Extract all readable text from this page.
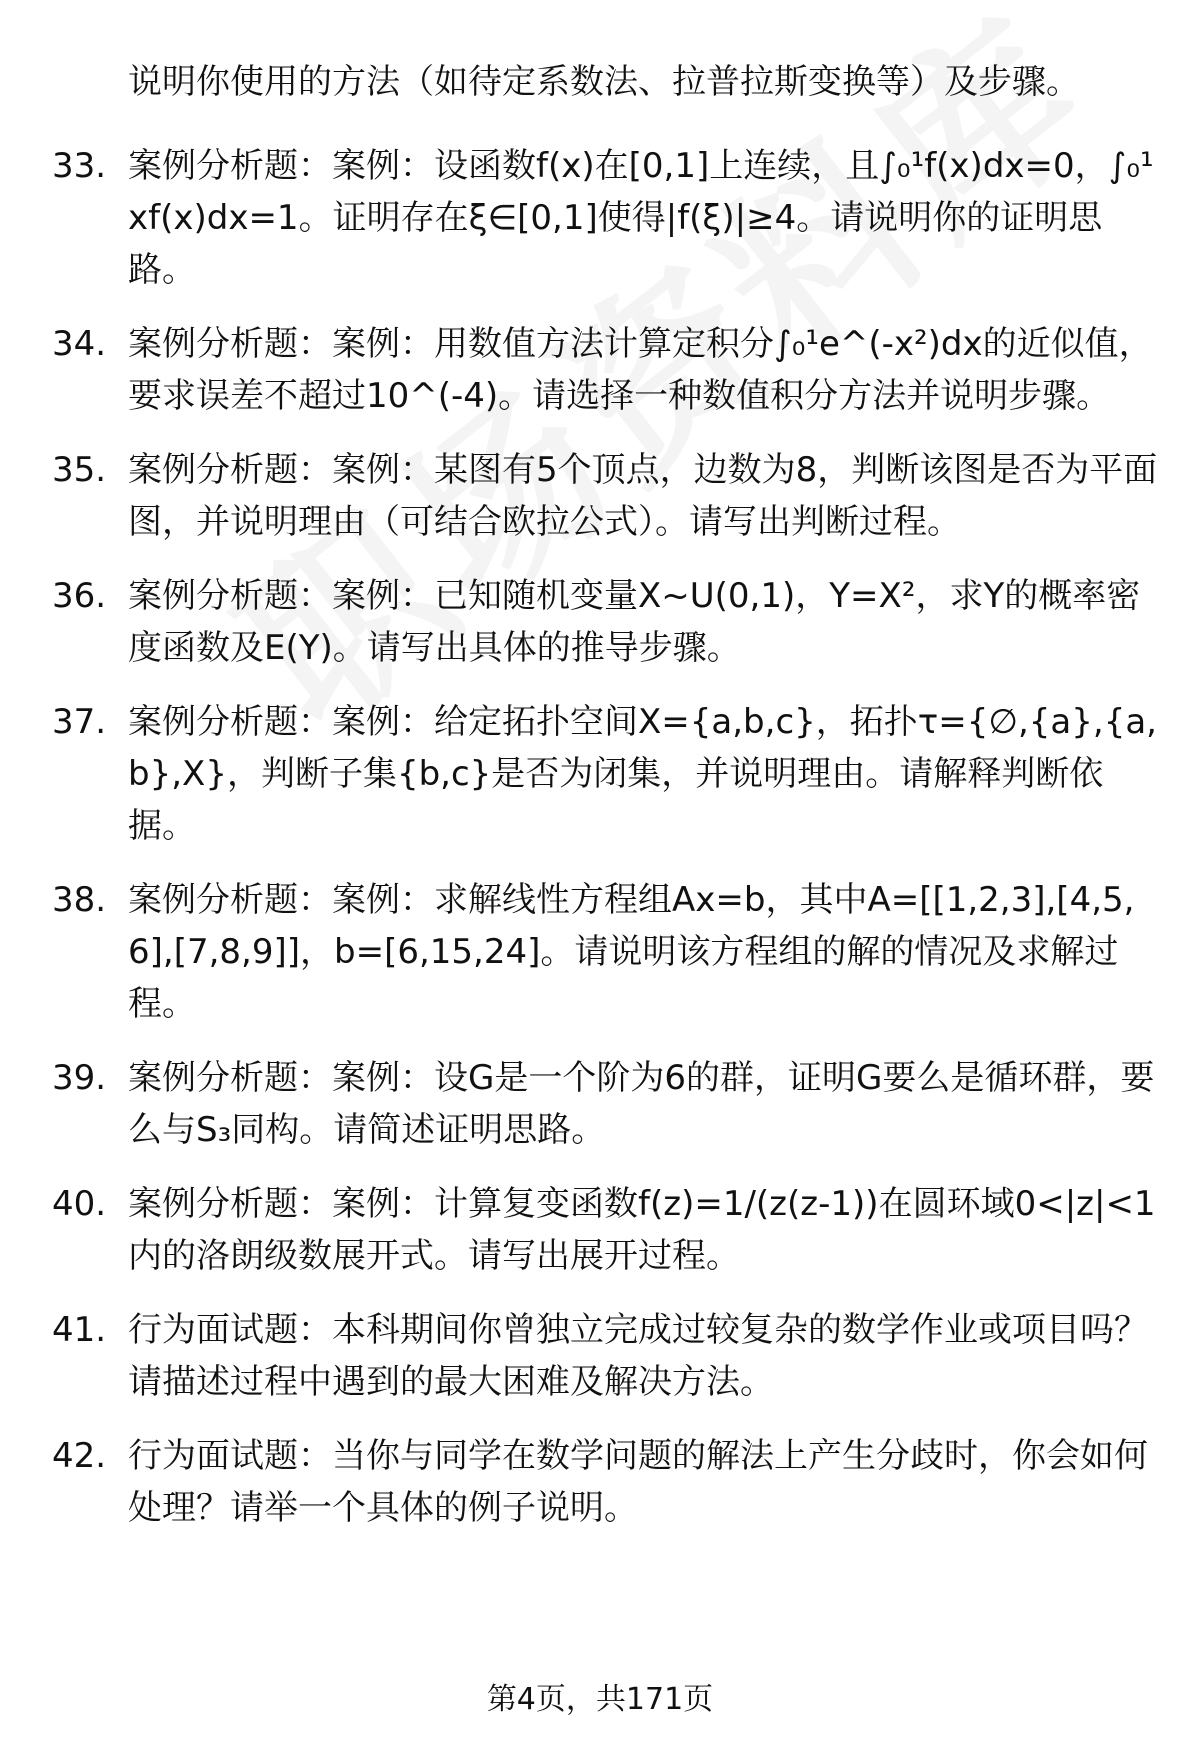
说明你使用的方法（如待定系数法、拉普拉斯变换等）及步骤。
33. 案例分析题：案例：设函数f(x)在[0,1]上连续，且∫₀¹f(x)dx=0，∫₀¹xf(x)dx=1。证明存在ξ∈[0,1]使得|f(ξ)|≥4。请说明你的证明思路。
34. 案例分析题：案例：用数值方法计算定积分∫₀¹e^(-x²)dx的近似值，要求误差不超过10^(-4)。请选择一种数值积分方法并说明步骤。
35. 案例分析题：案例：某图有5个顶点，边数为8，判断该图是否为平面图，并说明理由（可结合欧拉公式）。请写出判断过程。
36. 案例分析题：案例：已知随机变量X~U(0,1)，Y=X²，求Y的概率密度函数及E(Y)。请写出具体的推导步骤。
37. 案例分析题：案例：给定拓扑空间X={a,b,c}，拓扑τ={∅,{a},{a,b},X}，判断子集{b,c}是否为闭集，并说明理由。请解释判断依据。
38. 案例分析题：案例：求解线性方程组Ax=b，其中A=[[1,2,3],[4,5,6],[7,8,9]]，b=[6,15,24]。请说明该方程组的解的情况及求解过程。
39. 案例分析题：案例：设G是一个阶为6的群，证明G要么是循环群，要么与S₃同构。请简述证明思路。
40. 案例分析题：案例：计算复变函数f(z)=1/(z(z-1))在圆环域0<|z|<1内的洛朗级数展开式。请写出展开过程。
41. 行为面试题：本科期间你曾独立完成过较复杂的数学作业或项目吗？请描述过程中遇到的最大困难及解决方法。
42. 行为面试题：当你与同学在数学问题的解法上产生分歧时，你会如何处理？请举一个具体的例子说明。
第4页，共171页
